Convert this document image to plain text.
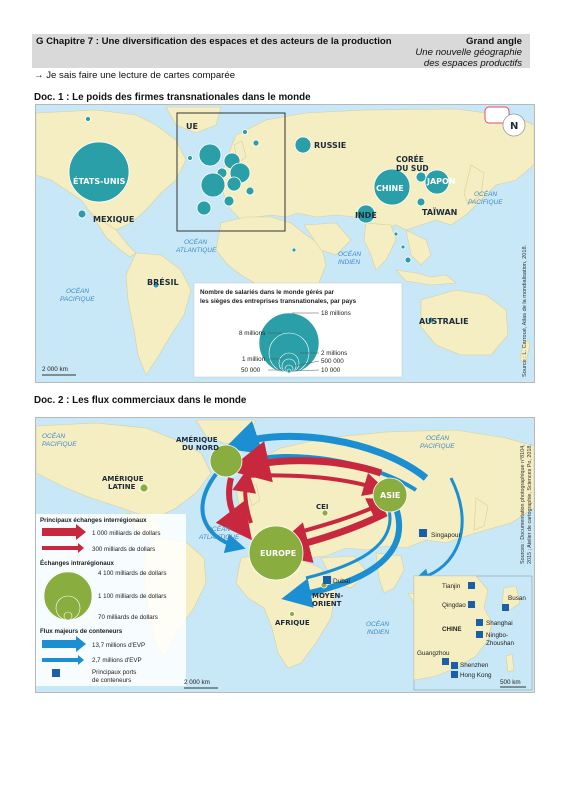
G Chapitre 7 : Une diversification des espaces et des acteurs de la production	Grand angle
Une nouvelle géographie
des espaces productifs
→ Je sais faire une lecture de cartes comparée
Doc. 1 : Le poids des firmes transnationales dans le monde
N
ÉTATS-UNIS
MEXIQUE
UE
RUSSIE
CHINE
JAPON
CORÉE
DU SUD
INDE	TAÏWAN
BRÉSIL
AUSTRALIE
OCÉAN
ATLANTIQUE
OCÉAN
PACIFIQUE
OCÉAN
PACIFIQUE
OCÉAN
INDIEN
Nombre de salariés dans le monde gérés par
les sièges des entreprises transnationales, par pays
18 millions
8 millions
2 millions
1 million	500 000
50 000	10 000
2 000 km	Source : L. Carroué, Atlas de la mondialisation, 2018.
Doc. 2 : Les flux commerciaux dans le monde
AMÉRIQUE
DU NORD
AMÉRIQUE
LATINE
CEI
ASIE
EUROPE
Singapour
Dubaï
MOYEN-
ORIENT
AFRIQUE
OCÉAN
ATLANTIQUE
OCÉAN
PACIFIQUE
OCÉAN
PACIFIQUE
OCÉAN
INDIEN
Principaux échanges interrégionaux
1 000 milliards de dollars
300 milliards de dollars
Échanges intrarégionaux
4 100 milliards de dollars
1 100 milliards de dollars
70 milliards de dollars
Flux majeurs de conteneurs
13,7 millions d'EVP
2,7 millions d'EVP
Principaux ports
de conteneurs	2 000 km
Sources : Documentation photographique n°8104, 2015 ; Atelier de cartographie, Sciences Po, 2018.
Tianjin
Qingdao
Busan
CHINE
Shanghai
Ningbo-
Zhoushan
Guangzhou
Shenzhen
Hong Kong
500 km
